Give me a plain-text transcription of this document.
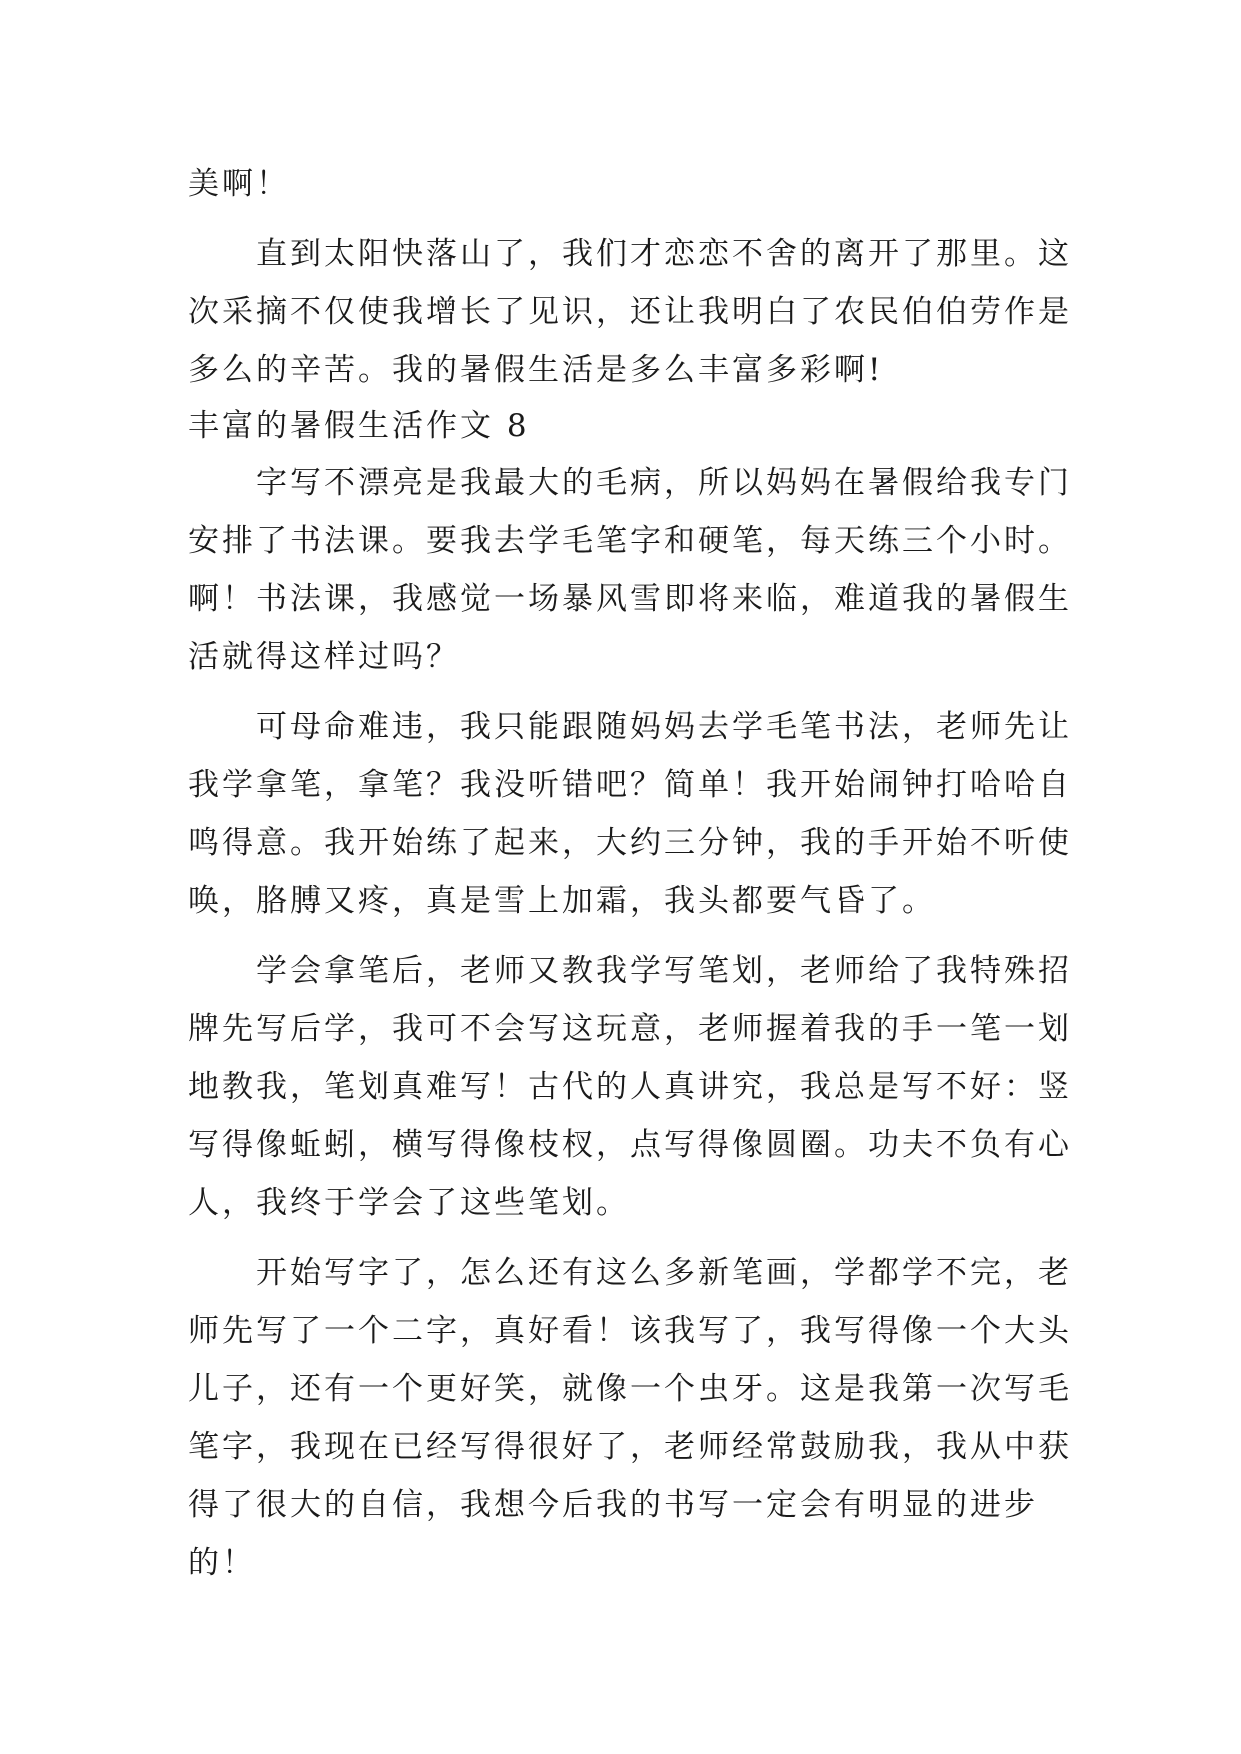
美啊！
直到太阳快落山了，我们才恋恋不舍的离开了那里。这
次采摘不仅使我增长了见识，还让我明白了农民伯伯劳作是
多么的辛苦。我的暑假生活是多么丰富多彩啊!
丰富的暑假生活作文 8
字写不漂亮是我最大的毛病，所以妈妈在暑假给我专门
安排了书法课。要我去学毛笔字和硬笔，每天练三个小时。
啊！书法课，我感觉一场暴风雪即将来临，难道我的暑假生
活就得这样过吗？
可母命难违，我只能跟随妈妈去学毛笔书法，老师先让
我学拿笔，拿笔？我没听错吧？简单！我开始闹钟打哈哈自
鸣得意。我开始练了起来，大约三分钟，我的手开始不听使
唤，胳膊又疼，真是雪上加霜，我头都要气昏了。
学会拿笔后，老师又教我学写笔划，老师给了我特殊招
牌先写后学，我可不会写这玩意，老师握着我的手一笔一划
地教我，笔划真难写！古代的人真讲究，我总是写不好：竖
写得像蚯蚓，横写得像枝杈，点写得像圆圈。功夫不负有心
人，我终于学会了这些笔划。
开始写字了，怎么还有这么多新笔画，学都学不完，老
师先写了一个二字，真好看！该我写了，我写得像一个大头
儿子，还有一个更好笑，就像一个虫牙。这是我第一次写毛
笔字，我现在已经写得很好了，老师经常鼓励我，我从中获
得了很大的自信，我想今后我的书写一定会有明显的进步
的！
